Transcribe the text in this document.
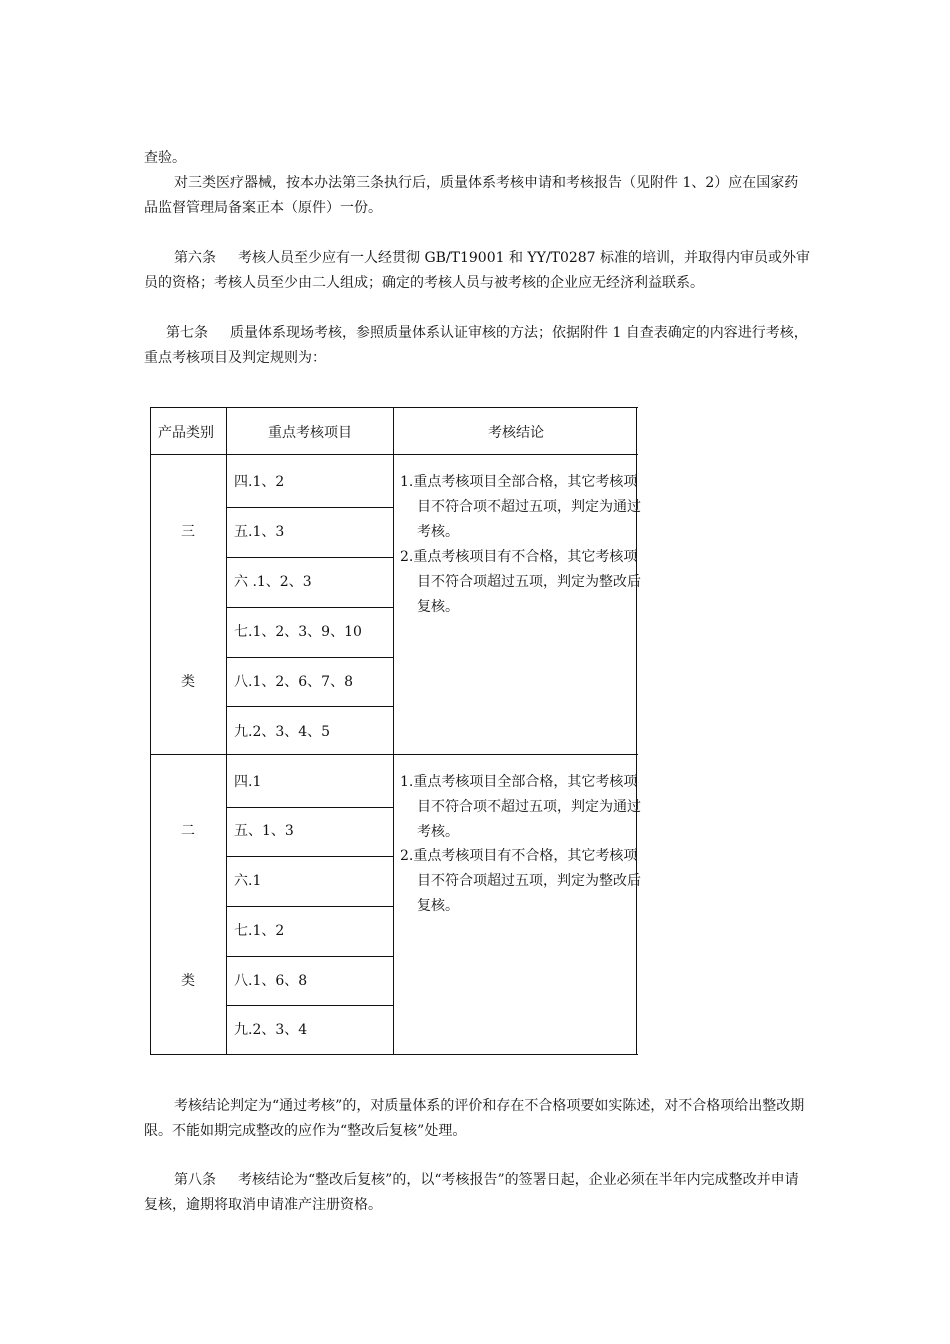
查验。

对三类医疗器械，按本办法第三条执行后，质量体系考核申请和考核报告（见附件 1、2）应在国家药品监督管理局备案正本（原件）一份。

第六条 考核人员至少应有一人经贯彻 GB/T19001 和 YY/T0287 标准的培训，并取得内审员或外审员的资格；考核人员至少由二人组成；确定的考核人员与被考核的企业应无经济利益联系。

第七条 质量体系现场考核，参照质量体系认证审核的方法；依据附件 1 自查表确定的内容进行考核，重点考核项目及判定规则为：

产品类别	重点考核项目	考核结论
三
类
四.1、2
五.1、3
六 .1、2、3
七.1、2、3、9、10
八.1、2、6、7、8
九.2、3、4、5
1.重点考核项目全部合格，其它考核项目不符合项不超过五项，判定为通过考核。
2.重点考核项目有不合格，其它考核项目不符合项超过五项，判定为整改后复核。
二
类
四.1
五、1、3
六.1
七.1、2
八.1、6、8
九.2、3、4
1.重点考核项目全部合格，其它考核项目不符合项不超过五项，判定为通过考核。
2.重点考核项目有不合格，其它考核项目不符合项超过五项，判定为整改后复核。

考核结论判定为“通过考核”的，对质量体系的评价和存在不合格项要如实陈述，对不合格项给出整改期限。不能如期完成整改的应作为“整改后复核”处理。

第八条 考核结论为“整改后复核”的，以“考核报告”的签署日起，企业必须在半年内完成整改并申请复核，逾期将取消申请准产注册资格。
